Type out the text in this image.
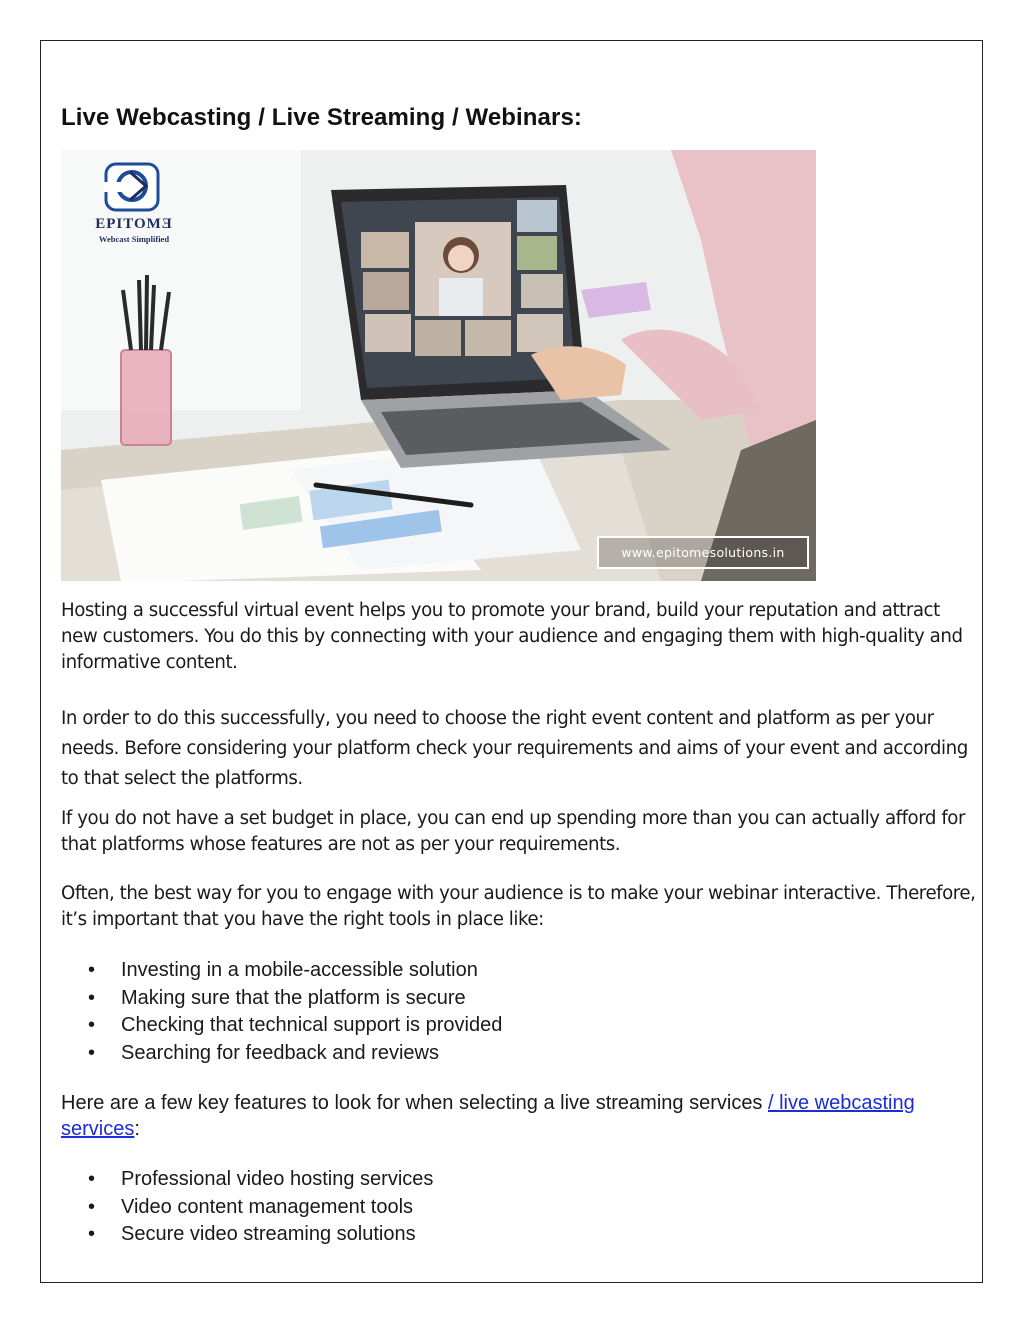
Live Webcasting / Live Streaming / Webinars:
EPITOMƎ
Webcast Simplified
www.epitomesolutions.in

Hosting a successful virtual event helps you to promote your brand, build your reputation and attract new customers. You do this by connecting with your audience and engaging them with high-quality and informative content.

In order to do this successfully, you need to choose the right event content and platform as per your needs. Before considering your platform check your requirements and aims of your event and according to that select the platforms.

If you do not have a set budget in place, you can end up spending more than you can actually afford for that platforms whose features are not as per your requirements.

Often, the best way for you to engage with your audience is to make your webinar interactive. Therefore, it’s important that you have the right tools in place like:

• Investing in a mobile-accessible solution
• Making sure that the platform is secure
• Checking that technical support is provided
• Searching for feedback and reviews

Here are a few key features to look for when selecting a live streaming services / live webcasting services:

• Professional video hosting services
• Video content management tools
• Secure video streaming solutions
